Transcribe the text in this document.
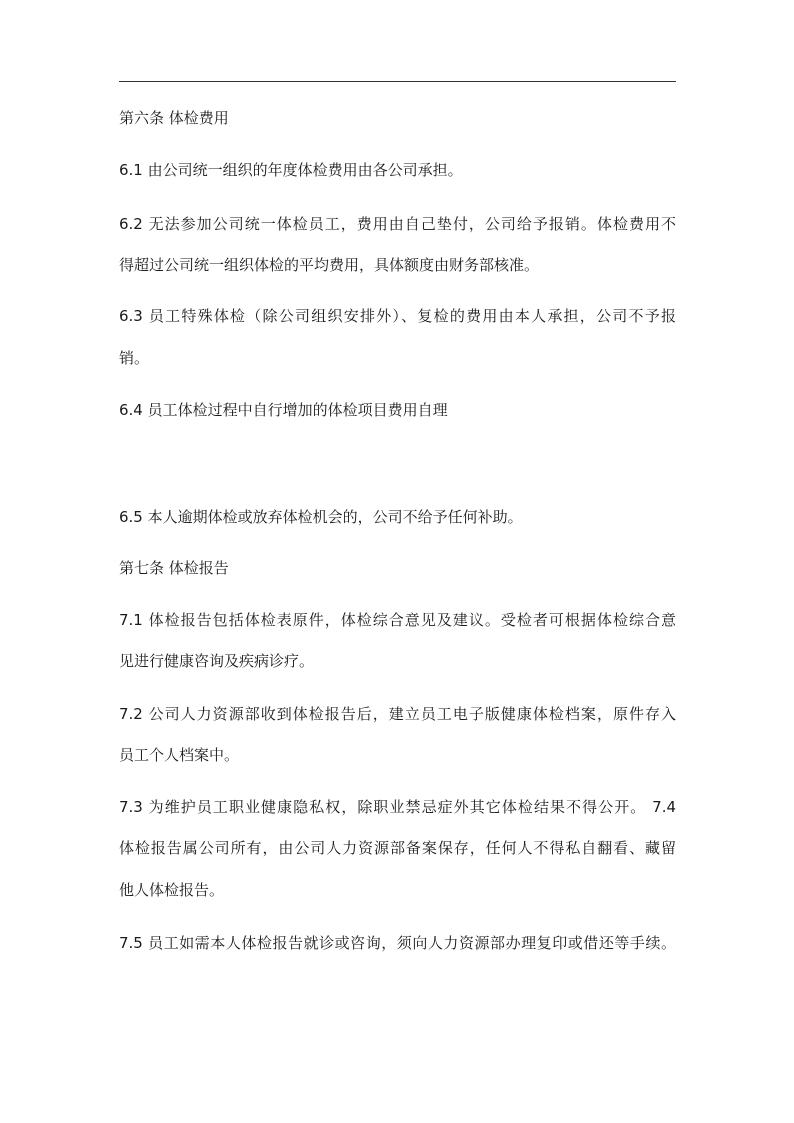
第六条 体检费用
6.1 由公司统一组织的年度体检费用由各公司承担。
6.2 无法参加公司统一体检员工，费用由自己垫付，公司给予报销。体检费用不
得超过公司统一组织体检的平均费用，具体额度由财务部核准。
6.3 员工特殊体检（除公司组织安排外）、复检的费用由本人承担，公司不予报
销。
6.4 员工体检过程中自行增加的体检项目费用自理
6.5 本人逾期体检或放弃体检机会的，公司不给予任何补助。
第七条 体检报告
7.1 体检报告包括体检表原件，体检综合意见及建议。受检者可根据体检综合意
见进行健康咨询及疾病诊疗。
7.2 公司人力资源部收到体检报告后，建立员工电子版健康体检档案，原件存入
员工个人档案中。
7.3 为维护员工职业健康隐私权，除职业禁忌症外其它体检结果不得公开。 7.4
体检报告属公司所有，由公司人力资源部备案保存，任何人不得私自翻看、藏留
他人体检报告。
7.5 员工如需本人体检报告就诊或咨询，须向人力资源部办理复印或借还等手续。
